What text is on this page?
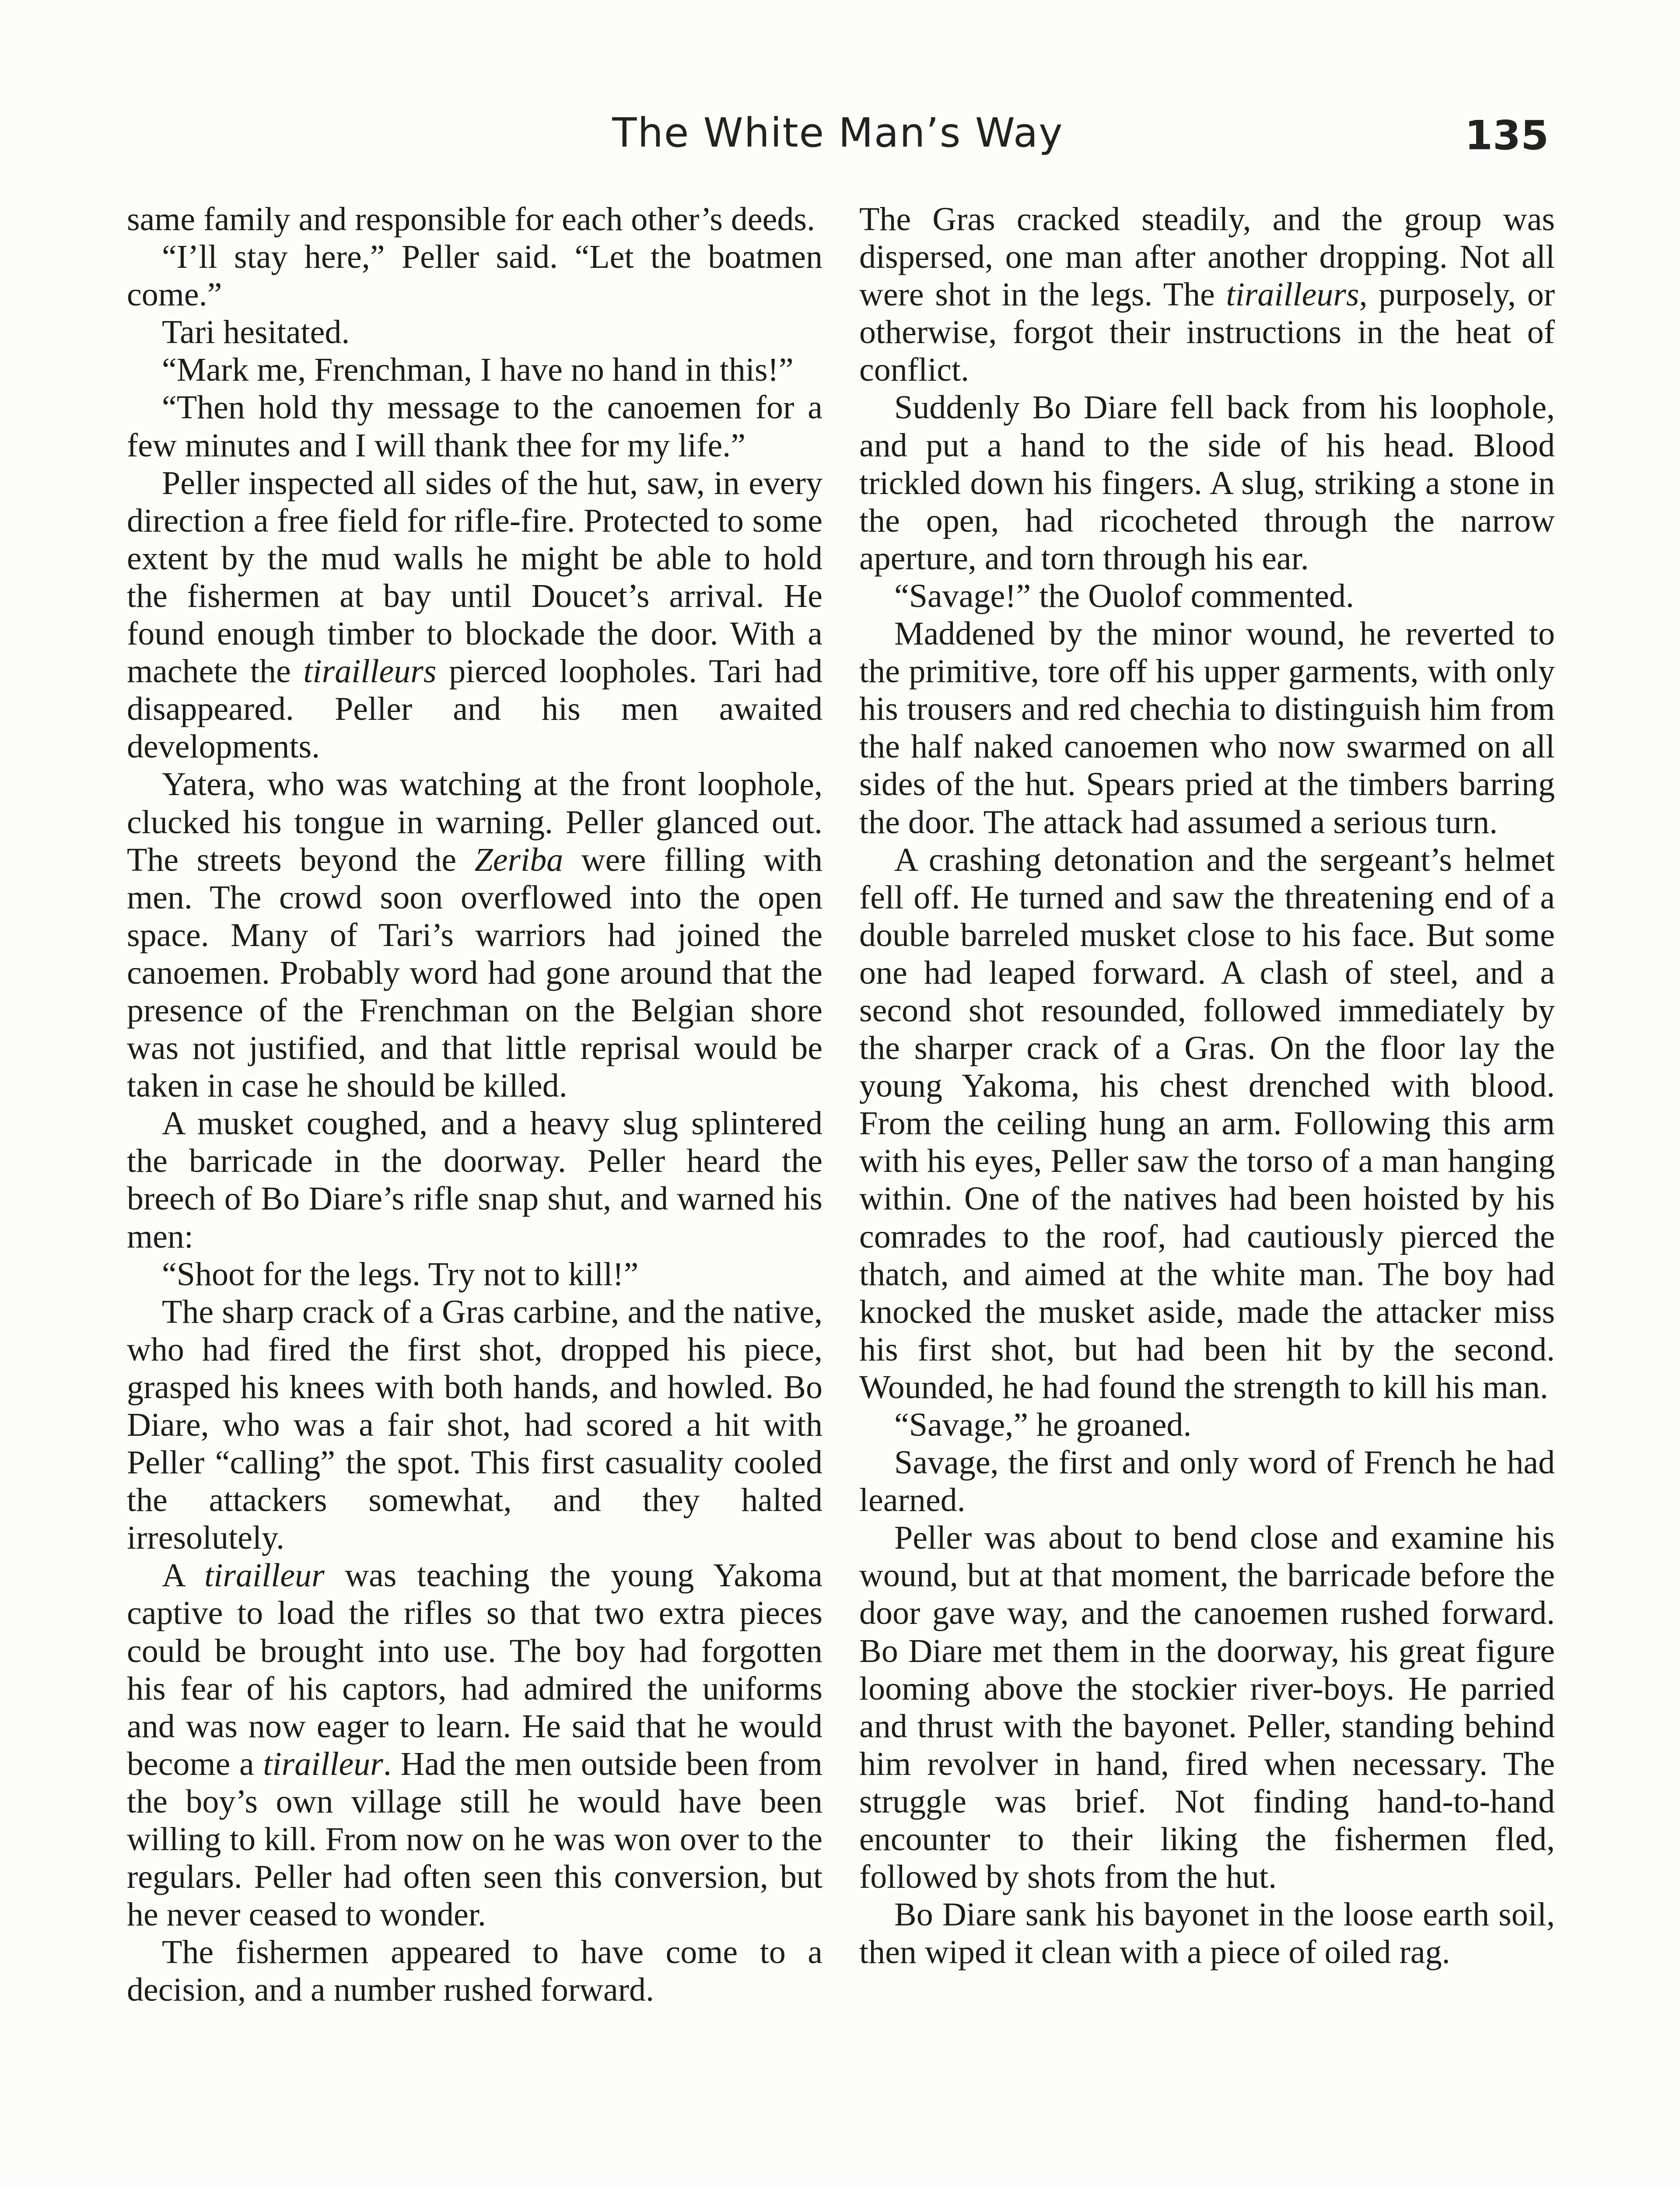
The White Man’s Way	135

same family and responsible for each other’s deeds.

“I’ll stay here,” Peller said. “Let the boatmen come.”

Tari hesitated.

“Mark me, Frenchman, I have no hand in this!”

“Then hold thy message to the canoemen for a few minutes and I will thank thee for my life.”

Peller inspected all sides of the hut, saw, in every direction a free field for rifle-fire. Protected to some extent by the mud walls he might be able to hold the fishermen at bay until Doucet’s arrival. He found enough timber to blockade the door. With a machete the tirailleurs pierced loopholes. Tari had disappeared. Peller and his men awaited developments.

Yatera, who was watching at the front loophole, clucked his tongue in warning. Peller glanced out. The streets beyond the Zeriba were filling with men. The crowd soon overflowed into the open space. Many of Tari’s warriors had joined the canoemen. Probably word had gone around that the presence of the Frenchman on the Belgian shore was not justified, and that little reprisal would be taken in case he should be killed.

A musket coughed, and a heavy slug splintered the barricade in the doorway. Peller heard the breech of Bo Diare’s rifle snap shut, and warned his men:

“Shoot for the legs. Try not to kill!”

The sharp crack of a Gras carbine, and the native, who had fired the first shot, dropped his piece, grasped his knees with both hands, and howled. Bo Diare, who was a fair shot, had scored a hit with Peller “calling” the spot. This first casuality cooled the attackers somewhat, and they halted irresolutely.

A tirailleur was teaching the young Yakoma captive to load the rifles so that two extra pieces could be brought into use. The boy had forgotten his fear of his captors, had admired the uniforms and was now eager to learn. He said that he would become a tirailleur. Had the men outside been from the boy’s own village still he would have been willing to kill. From now on he was won over to the regulars. Peller had often seen this conversion, but he never ceased to wonder.

The fishermen appeared to have come to a decision, and a number rushed forward.

The Gras cracked steadily, and the group was dispersed, one man after another dropping. Not all were shot in the legs. The tirailleurs, purposely, or otherwise, forgot their instructions in the heat of conflict.

Suddenly Bo Diare fell back from his loophole, and put a hand to the side of his head. Blood trickled down his fingers. A slug, striking a stone in the open, had ricocheted through the narrow aperture, and torn through his ear.

“Savage!” the Ouolof commented.

Maddened by the minor wound, he reverted to the primitive, tore off his upper garments, with only his trousers and red chechia to distinguish him from the half naked canoemen who now swarmed on all sides of the hut. Spears pried at the timbers barring the door. The attack had assumed a serious turn.

A crashing detonation and the sergeant’s helmet fell off. He turned and saw the threatening end of a double barreled musket close to his face. But some one had leaped forward. A clash of steel, and a second shot resounded, followed immediately by the sharper crack of a Gras. On the floor lay the young Yakoma, his chest drenched with blood. From the ceiling hung an arm. Following this arm with his eyes, Peller saw the torso of a man hanging within. One of the natives had been hoisted by his comrades to the roof, had cautiously pierced the thatch, and aimed at the white man. The boy had knocked the musket aside, made the attacker miss his first shot, but had been hit by the second. Wounded, he had found the strength to kill his man.

“Savage,” he groaned.

Savage, the first and only word of French he had learned.

Peller was about to bend close and examine his wound, but at that moment, the barricade before the door gave way, and the canoemen rushed forward. Bo Diare met them in the doorway, his great figure looming above the stockier river-boys. He parried and thrust with the bayonet. Peller, standing behind him revolver in hand, fired when necessary. The struggle was brief. Not finding hand-to-hand encounter to their liking the fishermen fled, followed by shots from the hut.

Bo Diare sank his bayonet in the loose earth soil, then wiped it clean with a piece of oiled rag.
